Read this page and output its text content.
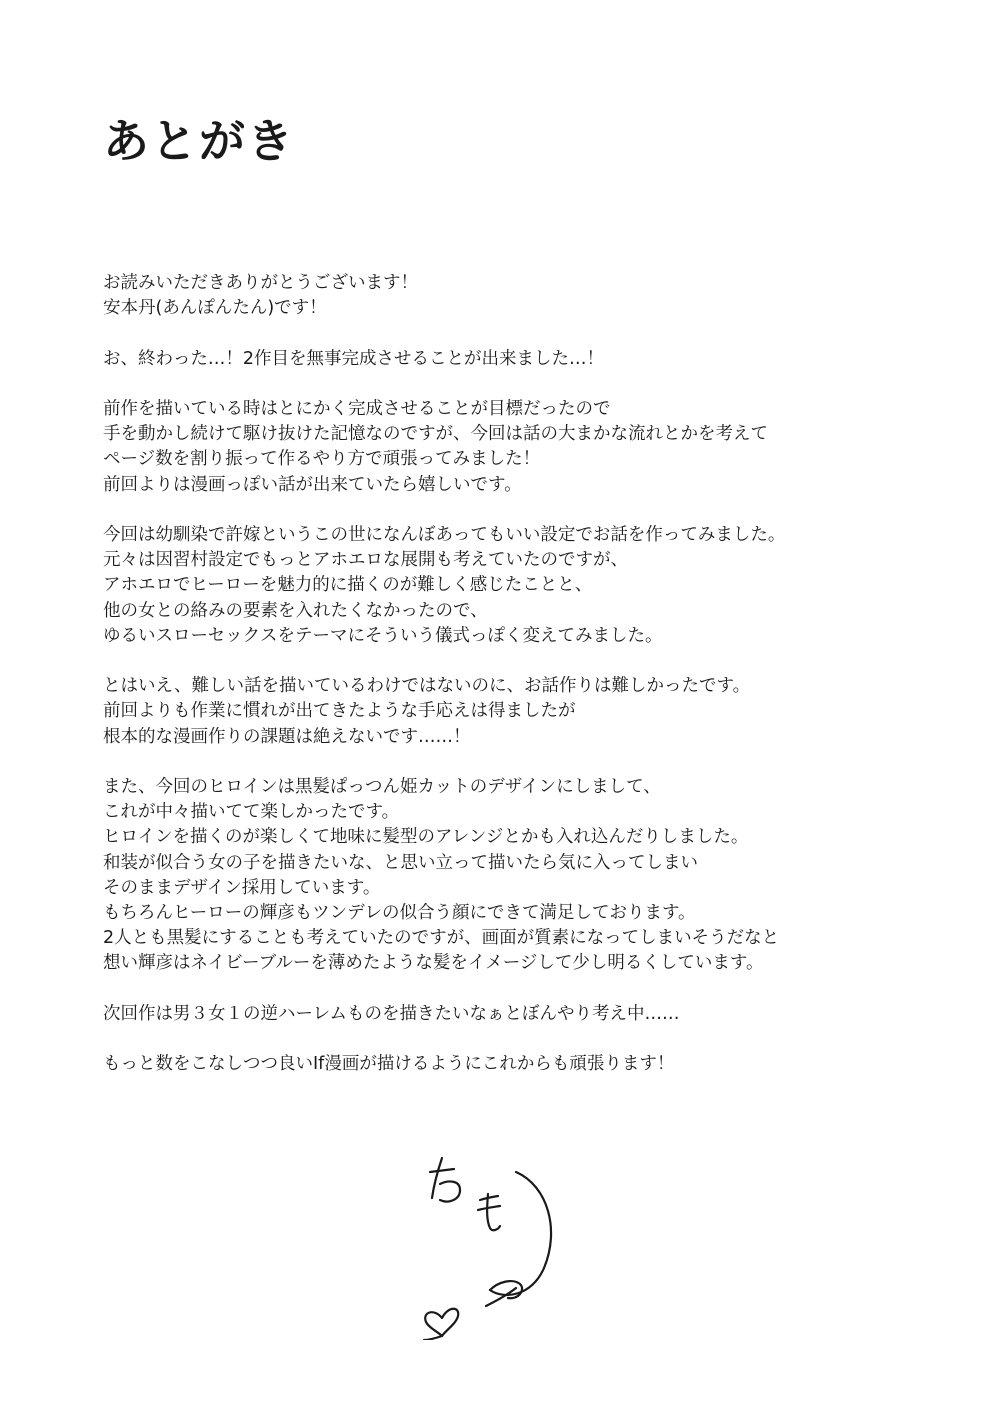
あとがき

お読みいただきありがとうございます！
安本丹(あんぽんたん)です！

お、終わった…！2作目を無事完成させることが出来ました…！

前作を描いている時はとにかく完成させることが目標だったので
手を動かし続けて駆け抜けた記憶なのですが、今回は話の大まかな流れとかを考えて
ページ数を割り振って作るやり方で頑張ってみました！
前回よりは漫画っぽい話が出来ていたら嬉しいです。

今回は幼馴染で許嫁というこの世になんぼあってもいい設定でお話を作ってみました。
元々は因習村設定でもっとアホエロな展開も考えていたのですが、
アホエロでヒーローを魅力的に描くのが難しく感じたことと、
他の女との絡みの要素を入れたくなかったので、
ゆるいスローセックスをテーマにそういう儀式っぽく変えてみました。

とはいえ、難しい話を描いているわけではないのに、お話作りは難しかったです。
前回よりも作業に慣れが出てきたような手応えは得ましたが
根本的な漫画作りの課題は絶えないです……！

また、今回のヒロインは黒髪ぱっつん姫カットのデザインにしまして、
これが中々描いてて楽しかったです。
ヒロインを描くのが楽しくて地味に髪型のアレンジとかも入れ込んだりしました。
和装が似合う女の子を描きたいな、と思い立って描いたら気に入ってしまい
そのままデザイン採用しています。
もちろんヒーローの輝彦もツンデレの似合う顔にできて満足しております。
2人とも黒髪にすることも考えていたのですが、画面が質素になってしまいそうだなと
想い輝彦はネイビーブルーを薄めたような髪をイメージして少し明るくしています。

次回作は男３女１の逆ハーレムものを描きたいなぁとぼんやり考え中……

もっと数をこなしつつ良いIf漫画が描けるようにこれからも頑張ります！
